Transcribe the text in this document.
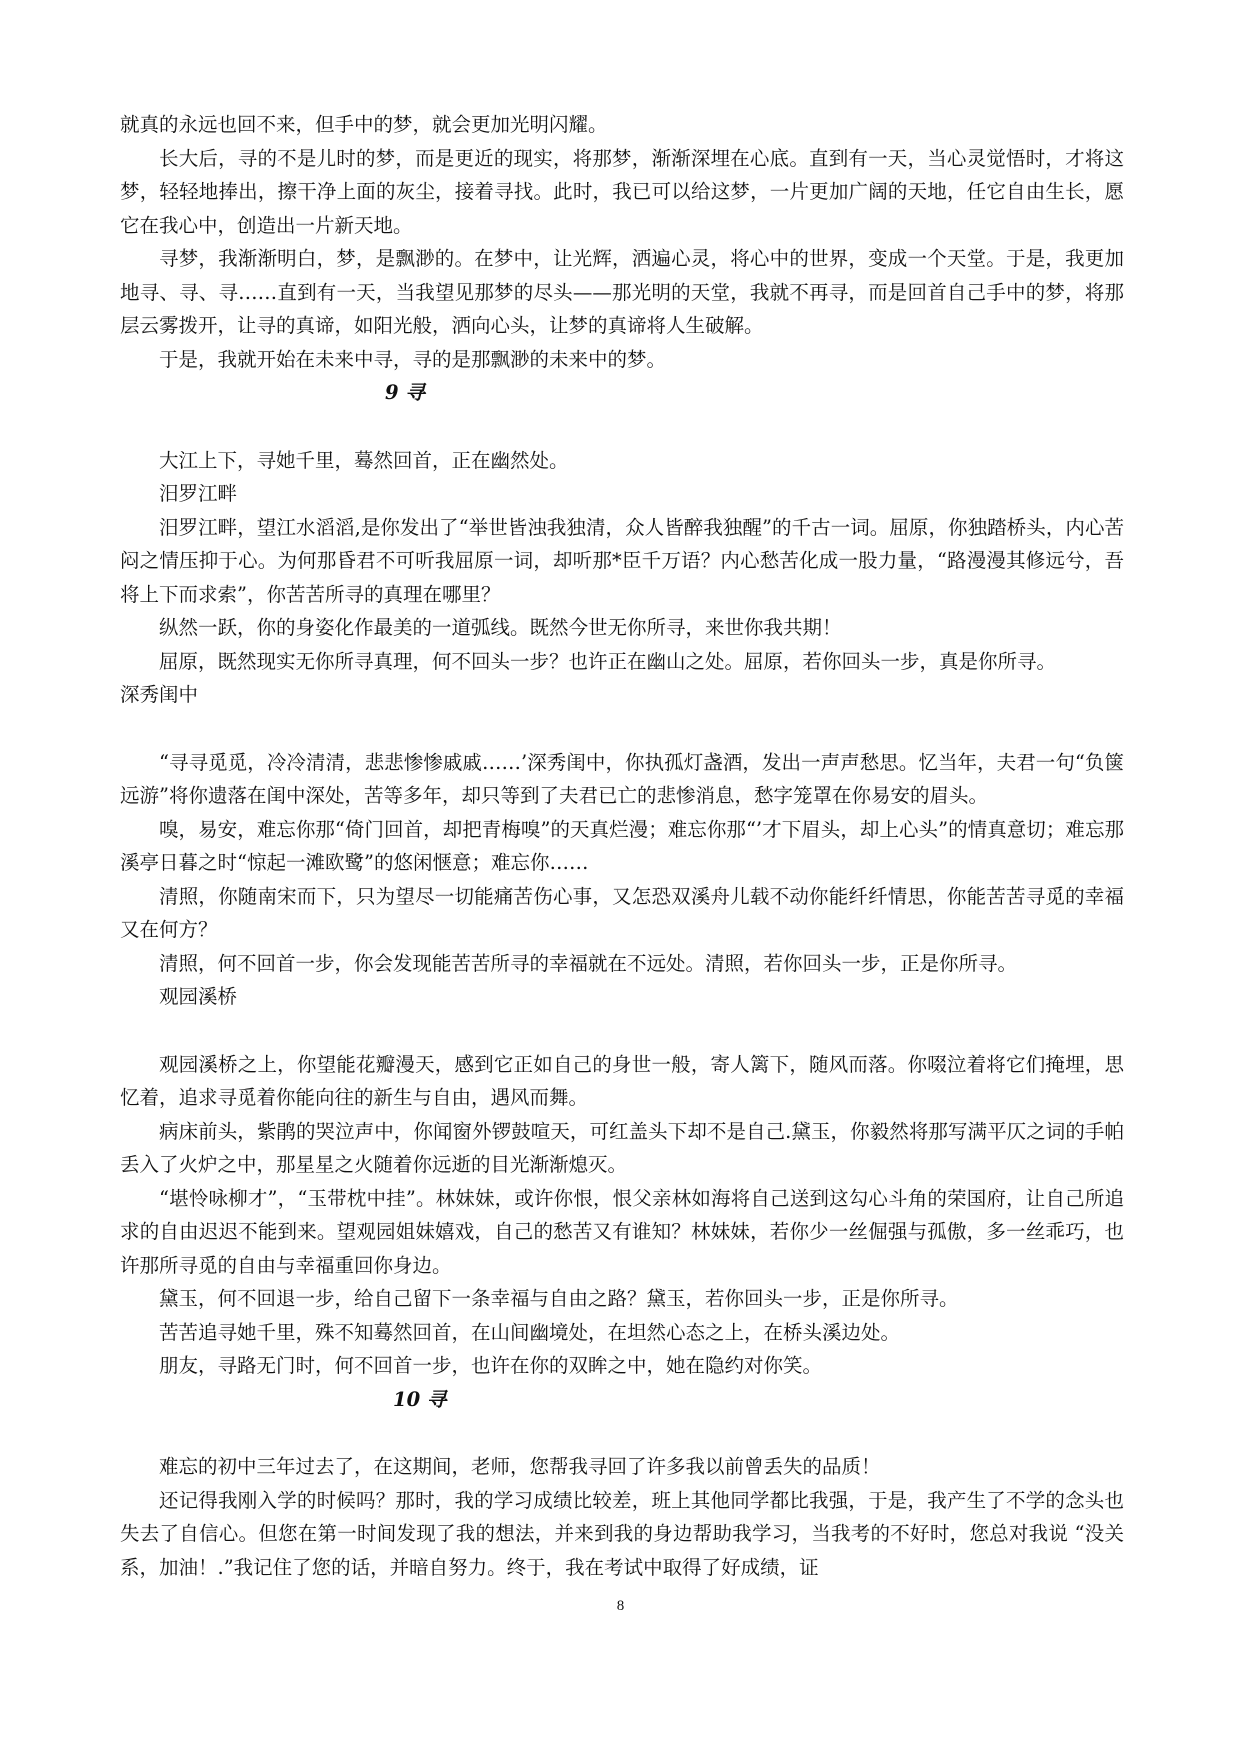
就真的永远也回不来，但手中的梦，就会更加光明闪耀。

长大后，寻的不是儿时的梦，而是更近的现实，将那梦，渐渐深埋在心底。直到有一天，当心灵觉悟时，才将这梦，轻轻地捧出，擦干净上面的灰尘，接着寻找。此时，我已可以给这梦，一片更加广阔的天地，任它自由生长，愿它在我心中，创造出一片新天地。

寻梦，我渐渐明白，梦，是飘渺的。在梦中，让光辉，洒遍心灵，将心中的世界，变成一个天堂。于是，我更加地寻、寻、寻……直到有一天，当我望见那梦的尽头——那光明的天堂，我就不再寻，而是回首自己手中的梦，将那层云雾拨开，让寻的真谛，如阳光般，洒向心头，让梦的真谛将人生破解。

于是，我就开始在未来中寻，寻的是那飘渺的未来中的梦。

9 寻

大江上下，寻她千里，蓦然回首，正在幽然处。

汨罗江畔

汨罗江畔，望江水滔滔,是你发出了“举世皆浊我独清，众人皆醉我独醒”的千古一词。屈原，你独踏桥头，内心苦闷之情压抑于心。为何那昏君不可听我屈原一词，却听那*臣千万语？内心愁苦化成一股力量，“路漫漫其修远兮，吾将上下而求索”，你苦苦所寻的真理在哪里？

纵然一跃，你的身姿化作最美的一道弧线。既然今世无你所寻，来世你我共期！

屈原，既然现实无你所寻真理，何不回头一步？也许正在幽山之处。屈原，若你回头一步，真是你所寻。

深秀闺中

“寻寻觅觅，冷冷清清，悲悲惨惨戚戚……’深秀闺中，你执孤灯盏酒，发出一声声愁思。忆当年，夫君一句“负箧远游”将你遗落在闺中深处，苦等多年，却只等到了夫君已亡的悲惨消息，愁字笼罩在你易安的眉头。

嗅，易安，难忘你那“倚门回首，却把青梅嗅”的天真烂漫；难忘你那“’才下眉头，却上心头”的情真意切；难忘那溪亭日暮之时“惊起一滩欧鹭”的悠闲惬意；难忘你……

清照，你随南宋而下，只为望尽一切能痛苦伤心事，又怎恐双溪舟儿载不动你能纤纤情思，你能苦苦寻觅的幸福又在何方？

清照，何不回首一步，你会发现能苦苦所寻的幸福就在不远处。清照，若你回头一步，正是你所寻。

观园溪桥

观园溪桥之上，你望能花瓣漫天，感到它正如自己的身世一般，寄人篱下，随风而落。你啜泣着将它们掩埋，思忆着，追求寻觅着你能向往的新生与自由，遇风而舞。

病床前头，紫鹃的哭泣声中，你闻窗外锣鼓喧天，可红盖头下却不是自己.黛玉，你毅然将那写满平仄之词的手帕丢入了火炉之中，那星星之火随着你远逝的目光渐渐熄灭。

“堪怜咏柳才”，“玉带枕中挂”。林妹妹，或许你恨，恨父亲林如海将自己送到这勾心斗角的荣国府，让自己所追求的自由迟迟不能到来。望观园姐妹嬉戏，自己的愁苦又有谁知？林妹妹，若你少一丝倔强与孤傲，多一丝乖巧，也许那所寻觅的自由与幸福重回你身边。

黛玉，何不回退一步，给自己留下一条幸福与自由之路？黛玉，若你回头一步，正是你所寻。

苦苦追寻她千里，殊不知蓦然回首，在山间幽境处，在坦然心态之上，在桥头溪边处。

朋友，寻路无门时，何不回首一步，也许在你的双眸之中，她在隐约对你笑。

10 寻

难忘的初中三年过去了，在这期间，老师，您帮我寻回了许多我以前曾丢失的品质！

还记得我刚入学的时候吗？那时，我的学习成绩比较差，班上其他同学都比我强，于是，我产生了不学的念头也失去了自信心。但您在第一时间发现了我的想法，并来到我的身边帮助我学习，当我考的不好时，您总对我说 “没关系，加油！.”我记住了您的话，并暗自努力。终于，我在考试中取得了好成绩，证

8
